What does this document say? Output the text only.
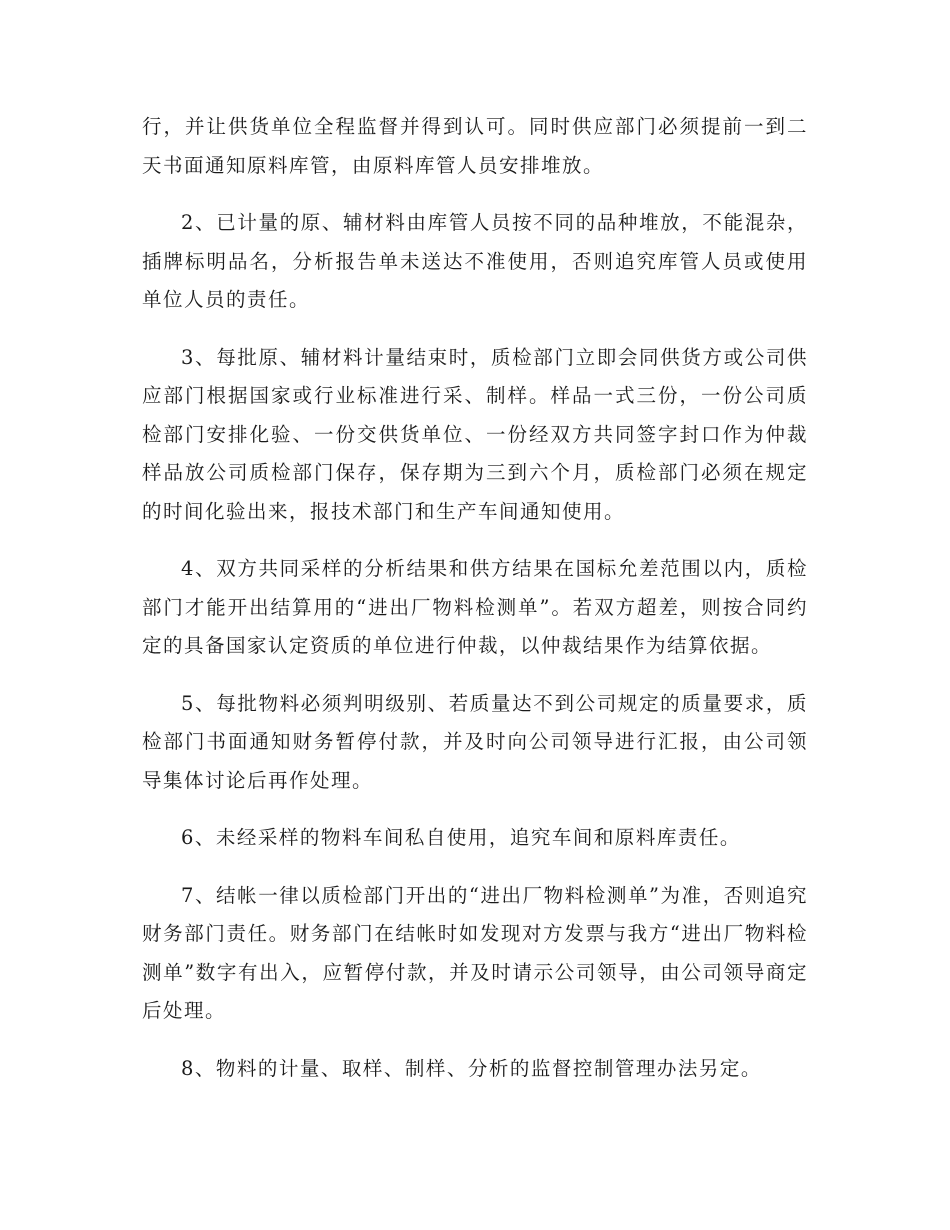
行，并让供货单位全程监督并得到认可。同时供应部门必须提前一到二天书面通知原料库管，由原料库管人员安排堆放。

2、已计量的原、辅材料由库管人员按不同的品种堆放，不能混杂，插牌标明品名，分析报告单未送达不准使用，否则追究库管人员或使用单位人员的责任。

3、每批原、辅材料计量结束时，质检部门立即会同供货方或公司供应部门根据国家或行业标准进行采、制样。样品一式三份，一份公司质检部门安排化验、一份交供货单位、一份经双方共同签字封口作为仲裁样品放公司质检部门保存，保存期为三到六个月，质检部门必须在规定的时间化验出来，报技术部门和生产车间通知使用。

4、双方共同采样的分析结果和供方结果在国标允差范围以内，质检部门才能开出结算用的“进出厂物料检测单”。若双方超差，则按合同约定的具备国家认定资质的单位进行仲裁，以仲裁结果作为结算依据。

5、每批物料必须判明级别、若质量达不到公司规定的质量要求，质检部门书面通知财务暂停付款，并及时向公司领导进行汇报，由公司领导集体讨论后再作处理。

6、未经采样的物料车间私自使用，追究车间和原料库责任。

7、结帐一律以质检部门开出的“进出厂物料检测单”为准，否则追究财务部门责任。财务部门在结帐时如发现对方发票与我方“进出厂物料检测单”数字有出入，应暂停付款，并及时请示公司领导，由公司领导商定后处理。

8、物料的计量、取样、制样、分析的监督控制管理办法另定。
